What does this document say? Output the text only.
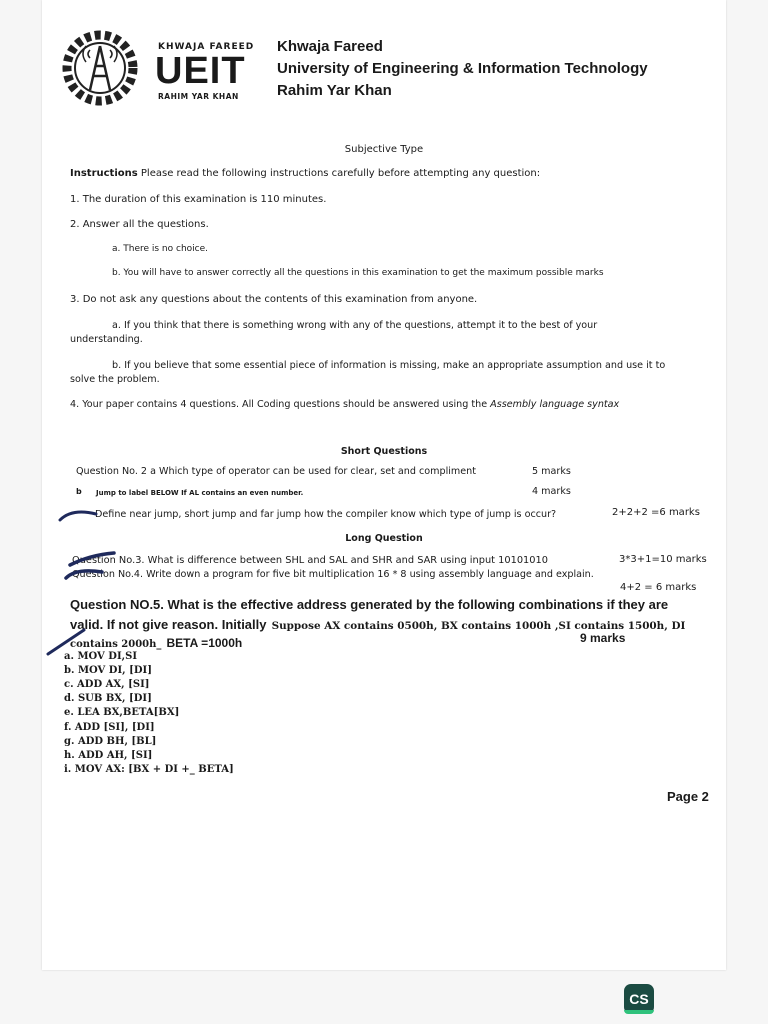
KHWAJA FAREED
UEIT
RAHIM YAR KHAN
Khwaja Fareed
University of Engineering & Information Technology
Rahim Yar Khan
Subjective Type
Instructions Please read the following instructions carefully before attempting any question:
1. The duration of this examination is 110 minutes.
2. Answer all the questions.
a. There is no choice.
b. You will have to answer correctly all the questions in this examination to get the maximum possible marks
3. Do not ask any questions about the contents of this examination from anyone.
a. If you think that there is something wrong with any of the questions, attempt it to the best of your
understanding.
b. If you believe that some essential piece of information is missing, make an appropriate assumption and use it to
solve the problem.
4. Your paper contains 4 questions. All Coding questions should be answered using the Assembly language syntax
Short Questions
Question No. 2 a Which type of operator can be used for clear, set and compliment	5 marks
b Jump to label BELOW If AL contains an even number.	4 marks
Define near jump, short jump and far jump how the compiler know which type of jump is occur?	2+2+2 =6 marks
Long Question
Question No.3. What is difference between SHL and SAL and SHR and SAR using input 10101010	3*3+1=10 marks
Question No.4. Write down a program for five bit multiplication 16 * 8 using assembly language and explain.
4+2 = 6 marks
Question NO.5. What is the effective address generated by the following combinations if they are
valid. If not give reason. Initially Suppose AX contains 0500h, BX contains 1000h ,SI contains 1500h, DI
contains 2000h_ BETA =1000h	9 marks
a. MOV DI,SI
b. MOV DI, [DI]
c. ADD AX, [SI]
d. SUB BX, [DI]
e. LEA BX,BETA[BX]
f. ADD [SI], [DI]
g. ADD BH, [BL]
h. ADD AH, [SI]
i. MOV AX: [BX + DI +_ BETA]
Page 2
CS
